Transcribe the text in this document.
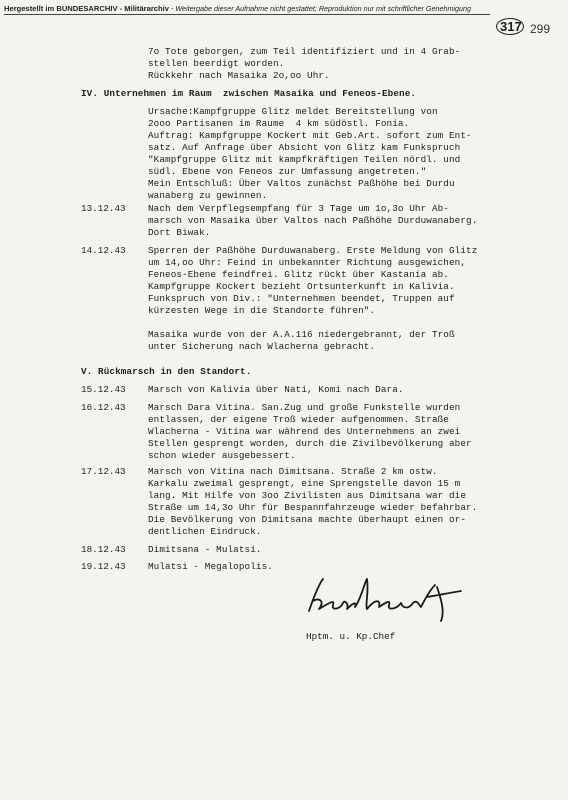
Hergestellt im BUNDESARCHIV - Militärarchiv - Weitergabe dieser Aufnahme nicht gestattet; Reproduktion nur mit schriftlicher Genehmigung
317 299
7o Tote geborgen, zum Teil identifiziert und in 4 Grab-
stellen beerdigt worden.
Rückkehr nach Masaika 2o,oo Uhr.
IV. Unternehmen im Raum  zwischen Masaika und Feneos-Ebene.
Ursache:Kampfgruppe Glitz meldet Bereitstellung von
2ooo Partisanen im Raume  4 km südöstl. Fonia.
Auftrag: Kampfgruppe Kockert mit Geb.Art. sofort zum Ent-
satz. Auf Anfrage über Absicht von Glitz kam Funkspruch
"Kampfgruppe Glitz mit kampfkräftigen Teilen nördl. und
südl. Ebene von Feneos zur Umfassung angetreten."
Mein Entschluß: Über Valtos zunächst Paßhöhe bei Durdu
wanaberg zu gewinnen.
13.12.43 Nach dem Verpflegsempfang für 3 Tage um 1o,3o Uhr Ab-
marsch von Masaika über Valtos nach Paßhöhe Durduwanaberg.
Dort Biwak.
14.12.43 Sperren der Paßhöhe Durduwanaberg. Erste Meldung von Glitz
um 14,oo Uhr: Feind in unbekannter Richtung ausgewichen,
Feneos-Ebene feindfrei. Glitz rückt über Kastania ab.
Kampfgruppe Kockert bezieht Ortsunterkunft in Kalivia.
Funkspruch von Div.: "Unternehmen beendet, Truppen auf
kürzesten Wege in die Standorte führen".
Masaika wurde von der A.A.116 niedergebrannt, der Troß
unter Sicherung nach Wlacherna gebracht.
V. Rückmarsch in den Standort.
15.12.43 Marsch von Kalivia über Nati, Komi nach Dara.
16.12.43 Marsch Dara Vitina. San.Zug und große Funkstelle wurden
entlassen, der eigene Troß wieder aufgenommen. Straße
Wlacherna - Vitina war während des Unternehmens an zwei
Stellen gesprengt worden, durch die Zivilbevölkerung aber
schon wieder ausgebessert.
17.12.43 Marsch von Vitina nach Dimitsana. Straße 2 km ostw.
Karkalu zweimal gesprengt, eine Sprengstelle davon 15 m
lang. Mit Hilfe von 3oo Zivilisten aus Dimitsana war die
Straße um 14,3o Uhr für Bespannfahrzeuge wieder befahrbar.
Die Bevölkerung von Dimitsana machte überhaupt einen or-
dentlichen Eindruck.
18.12.43 Dimitsana - Mulatsi.
19.12.43 Mulatsi - Megalopolis.
Hptm. u. Kp.Chef
